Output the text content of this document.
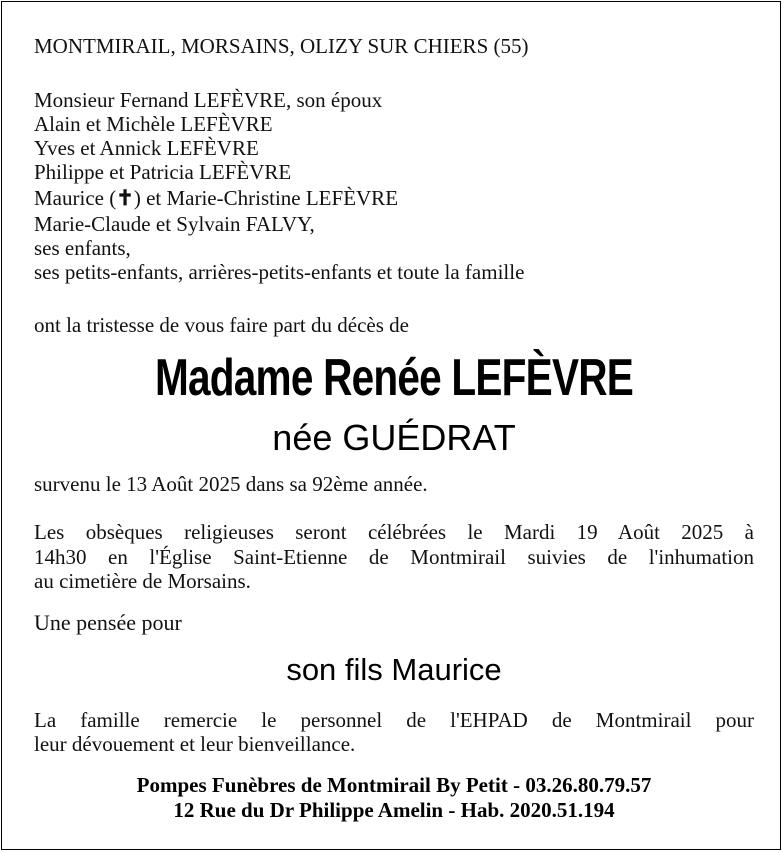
MONTMIRAIL, MORSAINS, OLIZY SUR CHIERS (55)
Monsieur Fernand LEFÈVRE, son époux
Alain et Michèle LEFÈVRE
Yves et Annick LEFÈVRE
Philippe et Patricia LEFÈVRE
Maurice (✝) et Marie-Christine LEFÈVRE
Marie-Claude et Sylvain FALVY,
ses enfants,
ses petits-enfants, arrières-petits-enfants et toute la famille
ont la tristesse de vous faire part du décès de
Madame Renée LEFÈVRE
née GUÉDRAT
survenu le 13 Août 2025 dans sa 92ème année.
Les obsèques religieuses seront célébrées le Mardi 19 Août 2025 à
14h30 en l'Église Saint-Etienne de Montmirail suivies de l'inhumation
au cimetière de Morsains.
Une pensée pour
son fils Maurice
La famille remercie le personnel de l'EHPAD de Montmirail pour
leur dévouement et leur bienveillance.
Pompes Funèbres de Montmirail By Petit - 03.26.80.79.57
12 Rue du Dr Philippe Amelin - Hab. 2020.51.194
